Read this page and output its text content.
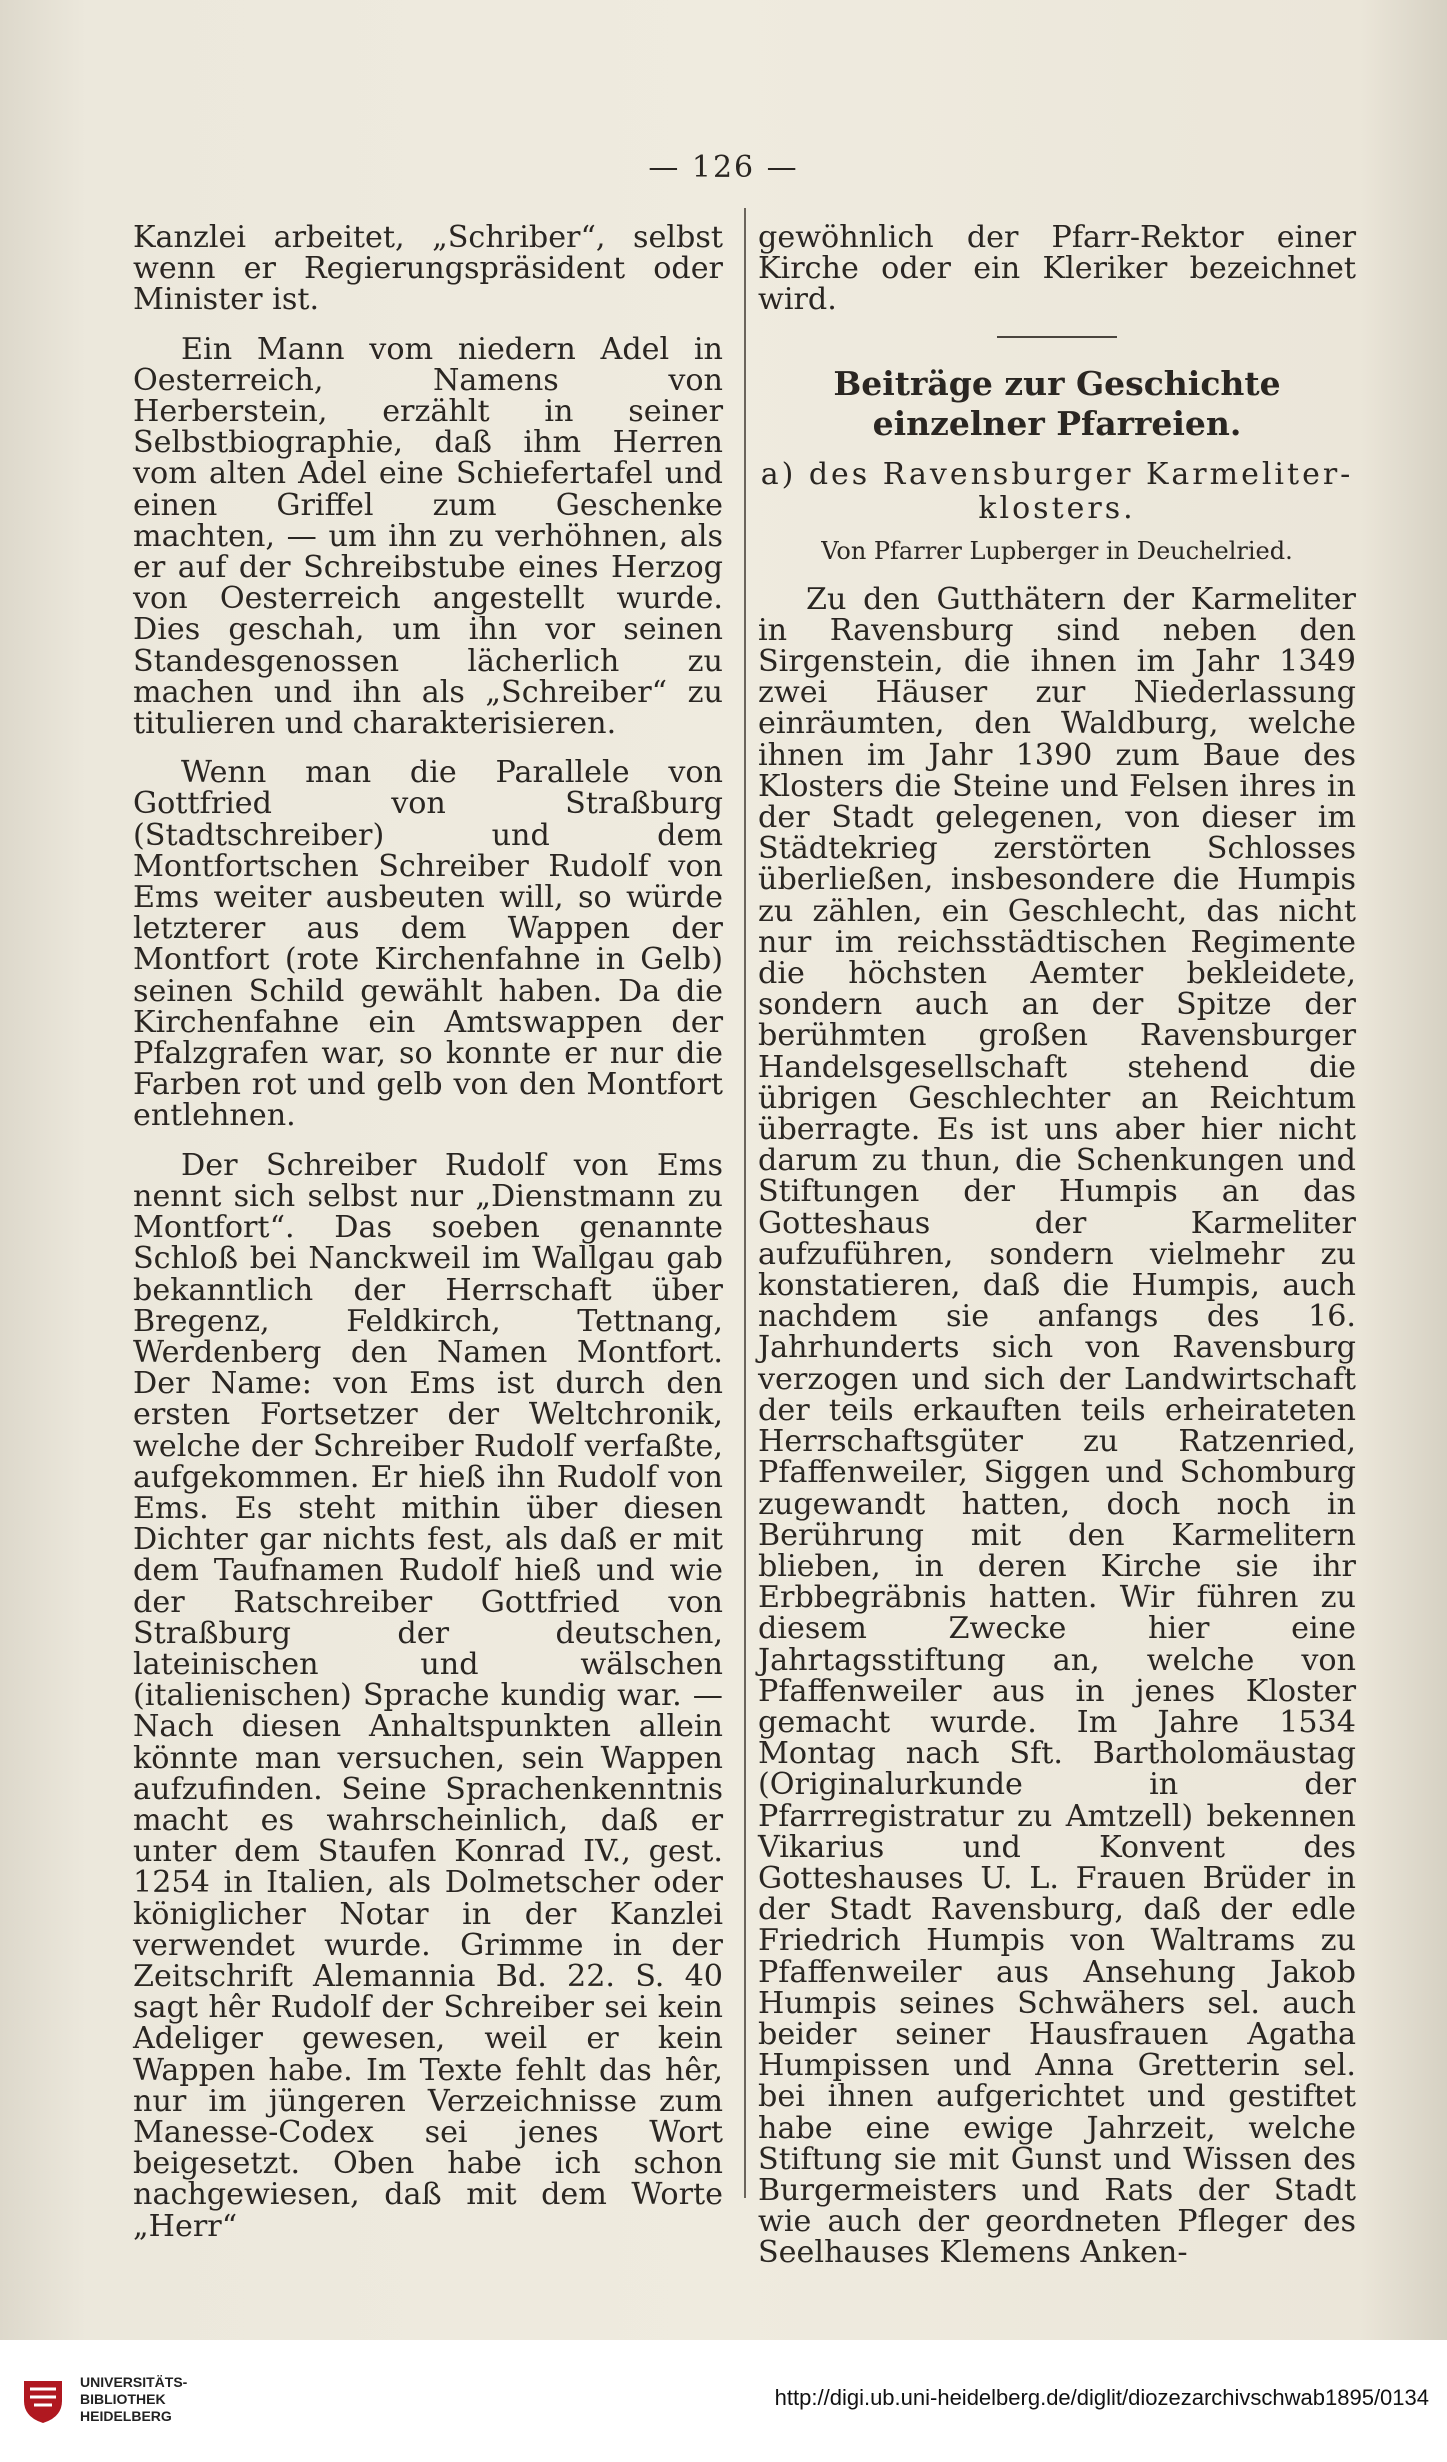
— 126 —

Kanzlei arbeitet, „Schriber“, selbst wenn er Regierungspräsident oder Minister ist.

Ein Mann vom niedern Adel in Oesterreich, Namens von Herberstein, erzählt in seiner Selbstbiographie, daß ihm Herren vom alten Adel eine Schiefertafel und einen Griffel zum Geschenke machten, — um ihn zu verhöhnen, als er auf der Schreibstube eines Herzog von Oesterreich angestellt wurde. Dies geschah, um ihn vor seinen Standesgenossen lächerlich zu machen und ihn als „Schreiber“ zu titulieren und charakterisieren.

Wenn man die Parallele von Gottfried von Straßburg (Stadtschreiber) und dem Montfortschen Schreiber Rudolf von Ems weiter ausbeuten will, so würde letzterer aus dem Wappen der Montfort (rote Kirchenfahne in Gelb) seinen Schild gewählt haben. Da die Kirchenfahne ein Amtswappen der Pfalzgrafen war, so konnte er nur die Farben rot und gelb von den Montfort entlehnen.

Der Schreiber Rudolf von Ems nennt sich selbst nur „Dienstmann zu Montfort“. Das soeben genannte Schloß bei Nanckweil im Wallgau gab bekanntlich der Herrschaft über Bregenz, Feldkirch, Tettnang, Werdenberg den Namen Montfort. Der Name: von Ems ist durch den ersten Fortsetzer der Weltchronik, welche der Schreiber Rudolf verfaßte, aufgekommen. Er hieß ihn Rudolf von Ems. Es steht mithin über diesen Dichter gar nichts fest, als daß er mit dem Taufnamen Rudolf hieß und wie der Ratschreiber Gottfried von Straßburg der deutschen, lateinischen und wälschen (italienischen) Sprache kundig war. — Nach diesen Anhaltspunkten allein könnte man versuchen, sein Wappen aufzufinden. Seine Sprachenkenntnis macht es wahrscheinlich, daß er unter dem Staufen Konrad IV., gest. 1254 in Italien, als Dolmetscher oder königlicher Notar in der Kanzlei verwendet wurde. Grimme in der Zeitschrift Alemannia Bd. 22. S. 40 sagt hêr Rudolf der Schreiber sei kein Adeliger gewesen, weil er kein Wappen habe. Im Texte fehlt das hêr, nur im jüngeren Verzeichnisse zum Manesse-Codex sei jenes Wort beigesetzt. Oben habe ich schon nachgewiesen, daß mit dem Worte „Herr“

gewöhnlich der Pfarr-Rektor einer Kirche oder ein Kleriker bezeichnet wird.

Beiträge zur Geschichte einzelner Pfarreien.
a) des Ravensburger Karmeliter-klosters.
Von Pfarrer Lupberger in Deuchelried.

Zu den Gutthätern der Karmeliter in Ravensburg sind neben den Sirgenstein, die ihnen im Jahr 1349 zwei Häuser zur Niederlassung einräumten, den Waldburg, welche ihnen im Jahr 1390 zum Baue des Klosters die Steine und Felsen ihres in der Stadt gelegenen, von dieser im Städtekrieg zerstörten Schlosses überließen, insbesondere die Humpis zu zählen, ein Geschlecht, das nicht nur im reichsstädtischen Regimente die höchsten Aemter bekleidete, sondern auch an der Spitze der berühmten großen Ravensburger Handelsgesellschaft stehend die übrigen Geschlechter an Reichtum überragte. Es ist uns aber hier nicht darum zu thun, die Schenkungen und Stiftungen der Humpis an das Gotteshaus der Karmeliter aufzuführen, sondern vielmehr zu konstatieren, daß die Humpis, auch nachdem sie anfangs des 16. Jahrhunderts sich von Ravensburg verzogen und sich der Landwirtschaft der teils erkauften teils erheirateten Herrschaftsgüter zu Ratzenried, Pfaffenweiler, Siggen und Schomburg zugewandt hatten, doch noch in Berührung mit den Karmelitern blieben, in deren Kirche sie ihr Erbbegräbnis hatten. Wir führen zu diesem Zwecke hier eine Jahrtagsstiftung an, welche von Pfaffenweiler aus in jenes Kloster gemacht wurde. Im Jahre 1534 Montag nach Sft. Bartholomäustag (Originalurkunde in der Pfarrregistratur zu Amtzell) bekennen Vikarius und Konvent des Gotteshauses U. L. Frauen Brüder in der Stadt Ravensburg, daß der edle Friedrich Humpis von Waltrams zu Pfaffenweiler aus Ansehung Jakob Humpis seines Schwähers sel. auch beider seiner Hausfrauen Agatha Humpissen und Anna Gretterin sel. bei ihnen aufgerichtet und gestiftet habe eine ewige Jahrzeit, welche Stiftung sie mit Gunst und Wissen des Burgermeisters und Rats der Stadt wie auch der geordneten Pfleger des Seelhauses Klemens Anken-

UNIVERSITÄTS-
BIBLIOTHEK
HEIDELBERG
http://digi.ub.uni-heidelberg.de/diglit/diozezarchivschwab1895/0134
